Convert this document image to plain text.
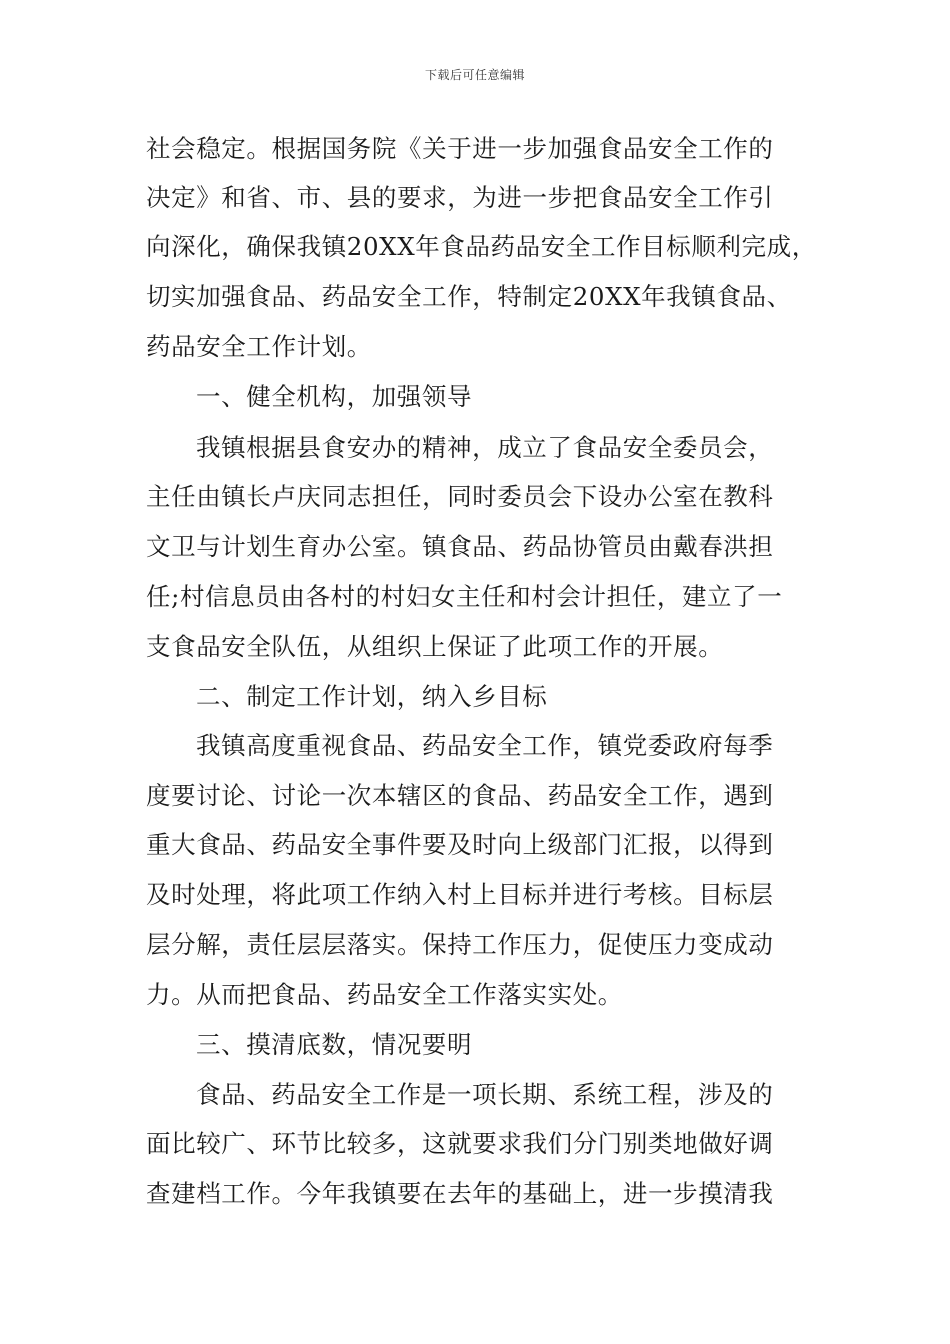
下载后可任意编辑
社会稳定。根据国务院《关于进一步加强食品安全工作的
决定》和省、市、县的要求，为进一步把食品安全工作引
向深化，确保我镇20XX年食品药品安全工作目标顺利完成，
切实加强食品、药品安全工作，特制定20XX年我镇食品、
药品安全工作计划。
一、健全机构，加强领导
我镇根据县食安办的精神，成立了食品安全委员会，
主任由镇长卢庆同志担任，同时委员会下设办公室在教科
文卫与计划生育办公室。镇食品、药品协管员由戴春洪担
任;村信息员由各村的村妇女主任和村会计担任，建立了一
支食品安全队伍，从组织上保证了此项工作的开展。
二、制定工作计划，纳入乡目标
我镇高度重视食品、药品安全工作，镇党委政府每季
度要讨论、讨论一次本辖区的食品、药品安全工作，遇到
重大食品、药品安全事件要及时向上级部门汇报，以得到
及时处理，将此项工作纳入村上目标并进行考核。目标层
层分解，责任层层落实。保持工作压力，促使压力变成动
力。从而把食品、药品安全工作落实实处。
三、摸清底数，情况要明
食品、药品安全工作是一项长期、系统工程，涉及的
面比较广、环节比较多，这就要求我们分门别类地做好调
查建档工作。今年我镇要在去年的基础上，进一步摸清我
